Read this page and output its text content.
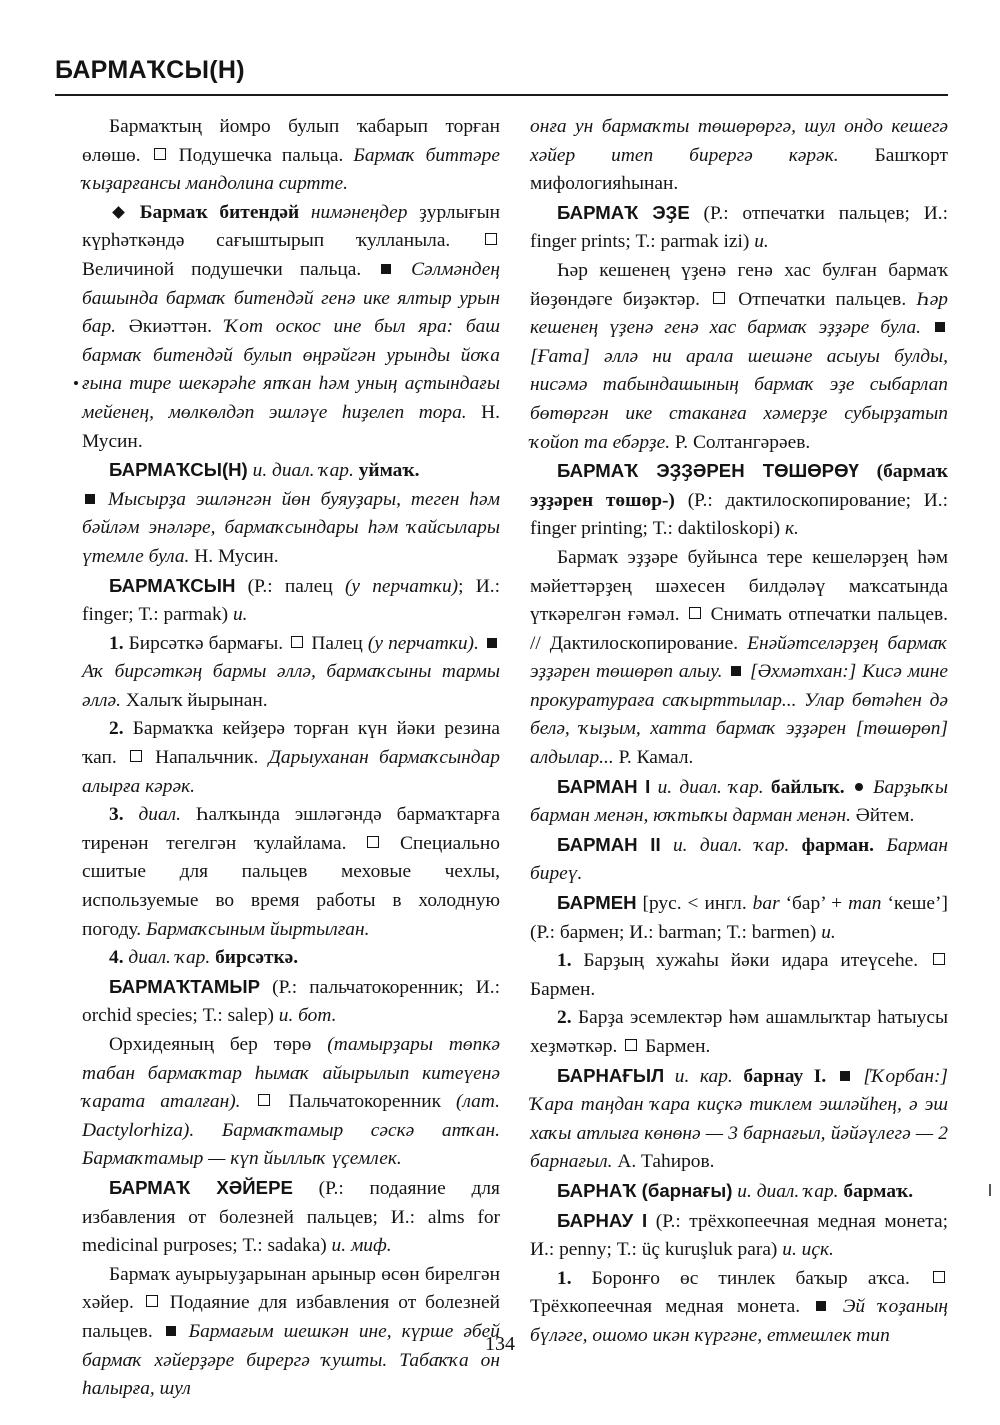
БАРМАҠСЫ(Н)

Бармаҡтың йомро булып ҡабарып торған өлөшө. Подушечка пальца. Бармаҡ биттәре ҡыҙарғансы мандолина сиртте.

Бармаҡ битендәй нимәнеңдер ҙурлығын күрһәткәндә сағыштырып ҡулланыла.  Величиной подушечки пальца.	Сәлмәндең башында бармаҡ битендәй генә ике ялтыр урын бар. Әкиәттән. Ҡот оскос ине был яра: баш бармаҡ битендәй булып өңрәйгән урынды йоҡа ғына тире шекәрәһе япҡан һәм уның аҫтындағы мейенең, мөлкөлдәп эшләүе һиҙелеп тора. Н. Мусин.

БАРМАҠСЫ(Н) и. диал. ҡар. уймаҡ.
Мысырҙа эшләнгән йөн буяуҙары, теген һәм бәйләм энәләре, бармаҡсындары һәм ҡайсылары үтемле була. Н. Мусин.

БАРМАҠСЫН (Р.: палец (у перчатки); И.: finger; Т.: parmak) и.

1. Бирсәткә бармағы. Палец (у перчатки).  Аҡ бирсәткәң бармы әллә, бармаҡсыны тармы әллә. Халыҡ йырынан.

2. Бармаҡҡа кейҙерә торған күн йәки резина ҡап. Напальчник. Дарыуханан бармаҡсындар алырға кәрәк.

3. диал. Һалҡында эшләгәндә бармаҡтарға тиренән тегелгән ҡулайлама.	Специально сшитые для пальцев меховые чехлы, используемые во время работы в холодную погоду. Бармаҡсыным йыртылған.

4. диал. ҡар. бирсәткә.

БАРМАҠТАМЫР (Р.: пальчатокоренник; И.: orchid species; Т.: salep) и. бот.

Орхидеяның бер төрө (тамырҙары төпкә табан бармаҡтар һымаҡ айырылып китеүенә ҡарата аталған). Пальчатокоренник (лат. Dactylorhiza). Бармаҡтамыр сәскә атҡан. Бармаҡтамыр — күп йыллыҡ үҫемлек.

БАРМАҠ ХӘЙЕРЕ (Р.: подаяние для избавления от болезней пальцев; И.: alms for medicinal purposes; Т.: sadaka) и. миф.

Бармаҡ ауырыуҙарынан арыныр өсөн бирелгән хәйер. Подаяние для избавления от болезней пальцев. Бармағым шешкән ине, күрше әбей бармаҡ хәйерҙәре бирергә ҡушты. Табаҡҡа он һалырға, шул

онға ун бармаҡты төшөрөргә, шул ондо кешегә хәйер итеп бирергә кәрәк. Башҡорт мифологияһынан.

БАРМАҠ ЭҘЕ (Р.: отпечатки пальцев; И.: finger prints; Т.: parmak izi) и.

Һәр кешенең үҙенә генә хас булған бармаҡ йөҙөндәге биҙәктәр. Отпечатки пальцев. Һәр кешенең үҙенә генә хас бармаҡ эҙҙәре була.  [Ғата] әллә ни арала шешәне асыуы булды, нисәмә табындашының бармаҡ эҙе сыбарлап бөтөргән ике стаканға хәмерҙе субырҙатып ҡойоп та ебәрҙе. Р. Солтангәрәев.

БАРМАҠ ЭҘҘӘРЕН ТӨШӨРӨҮ (бармаҡ эҙҙәрен төшөр-) (Р.: дактилоскопирование; И.: finger printing; Т.: daktiloskopi) к.

Бармаҡ эҙҙәре буйынса тере кешеләрҙең һәм мәйеттәрҙең шәхесен билдәләү маҡсатында үткәрелгән ғәмәл. Снимать отпечатки пальцев. // Дактилоскопирование. Енәйәтселәрҙең бармаҡ эҙҙәрен төшөрөп алыу. [Әхмәтхан:] Кисә мине прокуратураға саҡырттылар... Улар бөтәһен дә белә, ҡыҙым, хатта бармаҡ эҙҙәрен [төшөрөп] алдылар... Р. Камал.

БАРМАН I и. диал. ҡар. байлыҡ. Барҙыҡы барман менән, юҡтыҡы дарман менән. Әйтем.

БАРМАН II и. диал. ҡар. фарман. Барман биреү.

БАРМЕН [рус. < ингл. bar ‘бар’ + man ‘кеше’] (Р.: бармен; И.: barman; Т.: barmen) и.

1. Барҙың хужаһы йәки идара итеүсеһе.  Бармен.

2. Барҙа эсемлектәр һәм ашамлыҡтар һатыусы хеҙмәткәр. Бармен.

БАРНАҒЫЛ и. кар. барнау I. [Ҡорбан:] Ҡара таңдан ҡара киҫкә тиклем эшләйһең, ә эш хаҡы атлыға көнөнә — 3 барнағыл, йәйәүлегә — 2 барнағыл. А. Таһиров.

БАРНАҠ (барнағы) и. диал. ҡар. бармаҡ.

БАРНАУ I (Р.: трёхкопеечная медная монета; И.: penny; Т.: üç kuruşluk para) и. иҫк.

1. Боронғо өс тинлек баҡыр аҡса.  Трёхкопеечная медная монета. Эй ҡоҙаның бүләге, ошомо икән күргәне, етмешлек тип

134
